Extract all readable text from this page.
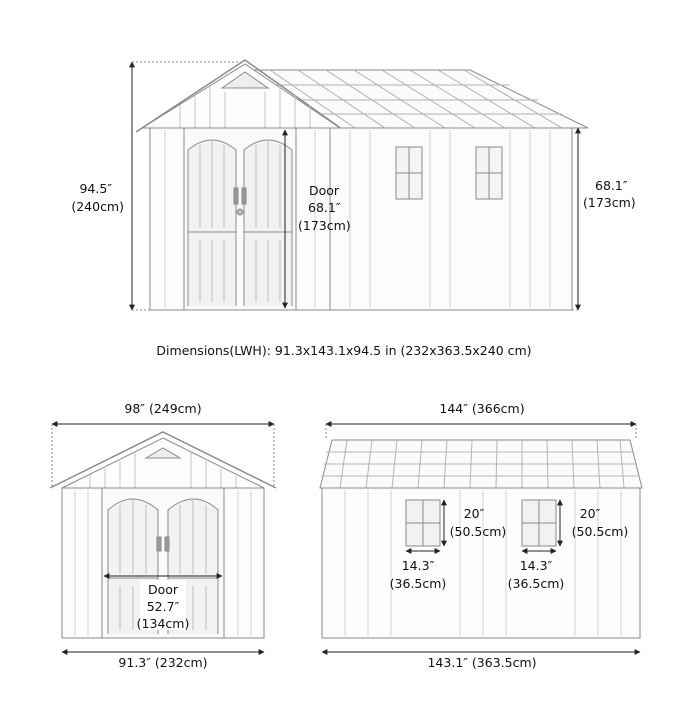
94.5″
(240cm)
Door
68.1″
(173cm)
68.1″
(173cm)
Dimensions(LWH): 91.3x143.1x94.5 in (232x363.5x240 cm)
98″ (249cm)
Door
52.7″
(134cm)
91.3″ (232cm)
144″ (366cm)
20″
(50.5cm)
14.3″
(36.5cm)
20″
(50.5cm)
14.3″
(36.5cm)
143.1″ (363.5cm)
